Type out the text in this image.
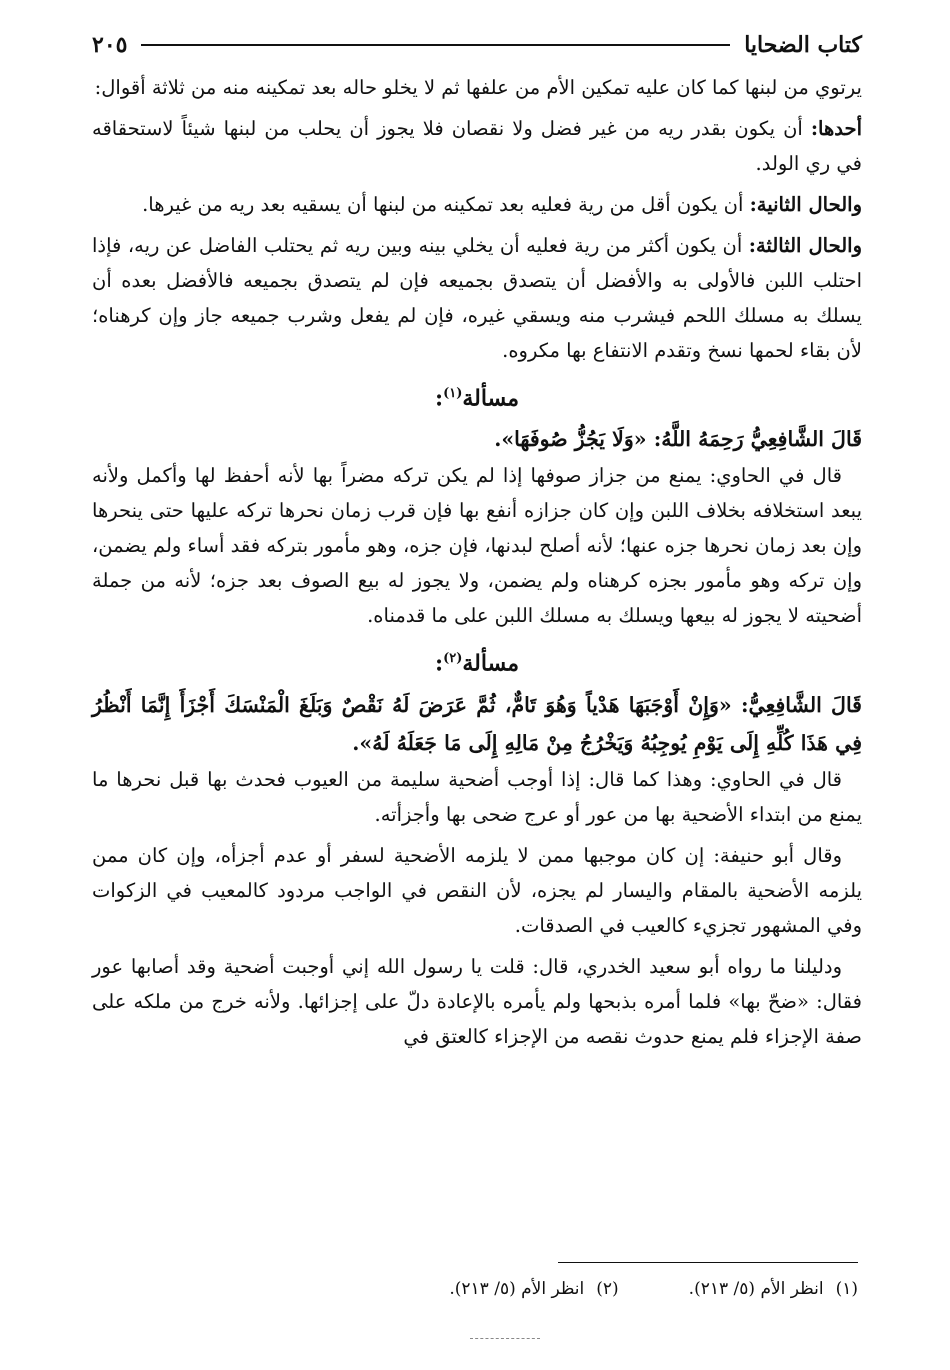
كتاب الضحايا
٢٠٥

يرتوي من لبنها كما كان عليه تمكين الأم من علفها ثم لا يخلو حاله بعد تمكينه منه من ثلاثة أقوال:

أحدها: أن يكون بقدر ريه من غير فضل ولا نقصان فلا يجوز أن يحلب من لبنها شيئاً لاستحقاقه في ري الولد.

والحال الثانية: أن يكون أقل من رية فعليه بعد تمكينه من لبنها أن يسقيه بعد ريه من غيرها.

والحال الثالثة: أن يكون أكثر من رية فعليه أن يخلي بينه وبين ريه ثم يحتلب الفاضل عن ريه، فإذا احتلب اللبن فالأولى به والأفضل أن يتصدق بجميعه فإن لم يتصدق بجميعه فالأفضل بعده أن يسلك به مسلك اللحم فيشرب منه ويسقي غيره، فإن لم يفعل وشرب جميعه جاز وإن كرهناه؛ لأن بقاء لحمها نسخ وتقدم الانتفاع بها مكروه.

مسألة$^{(١)}$:

قَالَ الشَّافِعِيُّ رَحِمَهُ اللَّهُ: «وَلَا يَجُزُّ صُوفَهَا».

قال في الحاوي: يمنع من جزاز صوفها إذا لم يكن تركه مضراً بها لأنه أحفظ لها وأكمل ولأنه يبعد استخلافه بخلاف اللبن وإن كان جزازه أنفع بها فإن قرب زمان نحرها تركه عليها حتى ينحرها وإن بعد زمان نحرها جزه عنها؛ لأنه أصلح لبدنها، فإن جزه، وهو مأمور بتركه فقد أساء ولم يضمن، وإن تركه وهو مأمور بجزه كرهناه ولم يضمن، ولا يجوز له بيع الصوف بعد جزه؛ لأنه من جملة أضحيته لا يجوز له بيعها ويسلك به مسلك اللبن على ما قدمناه.

مسألة$^{(٢)}$:

قَالَ الشَّافِعِيُّ: «وَإِنْ أَوْجَبَهَا هَدْياً وَهُوَ تَامٌّ، ثُمَّ عَرَضَ لَهُ نَقْصٌ وَبَلَغَ الْمَنْسَكَ أَجْزَأَ إِنَّمَا أَنْظُرُ فِي هَذَا كُلِّهِ إِلَى يَوْمِ يُوجِبُهُ وَيَخْرُجُ مِنْ مَالِهِ إِلَى مَا جَعَلَهُ لَهُ».

قال في الحاوي: وهذا كما قال: إذا أوجب أضحية سليمة من العيوب فحدث بها قبل نحرها ما يمنع من ابتداء الأضحية بها من عور أو عرج ضحى بها وأجزأته.

وقال أبو حنيفة: إن كان موجبها ممن لا يلزمه الأضحية لسفر أو عدم أجزأه، وإن كان ممن يلزمه الأضحية بالمقام واليسار لم يجزه، لأن النقص في الواجب مردود كالمعيب في الزكوات وفي المشهور تجزيء كالعيب في الصدقات.

ودليلنا ما رواه أبو سعيد الخدري، قال: قلت يا رسول الله إني أوجبت أضحية وقد أصابها عور فقال: «ضحّ بها» فلما أمره بذبحها ولم يأمره بالإعادة دلّ على إجزائها. ولأنه خرج من ملكه على صفة الإجزاء فلم يمنع حدوث نقصه من الإجزاء كالعتق في

(١)انظر الأم (٥/ ٢١٣).
(٢)انظر الأم (٥/ ٢١٣).
